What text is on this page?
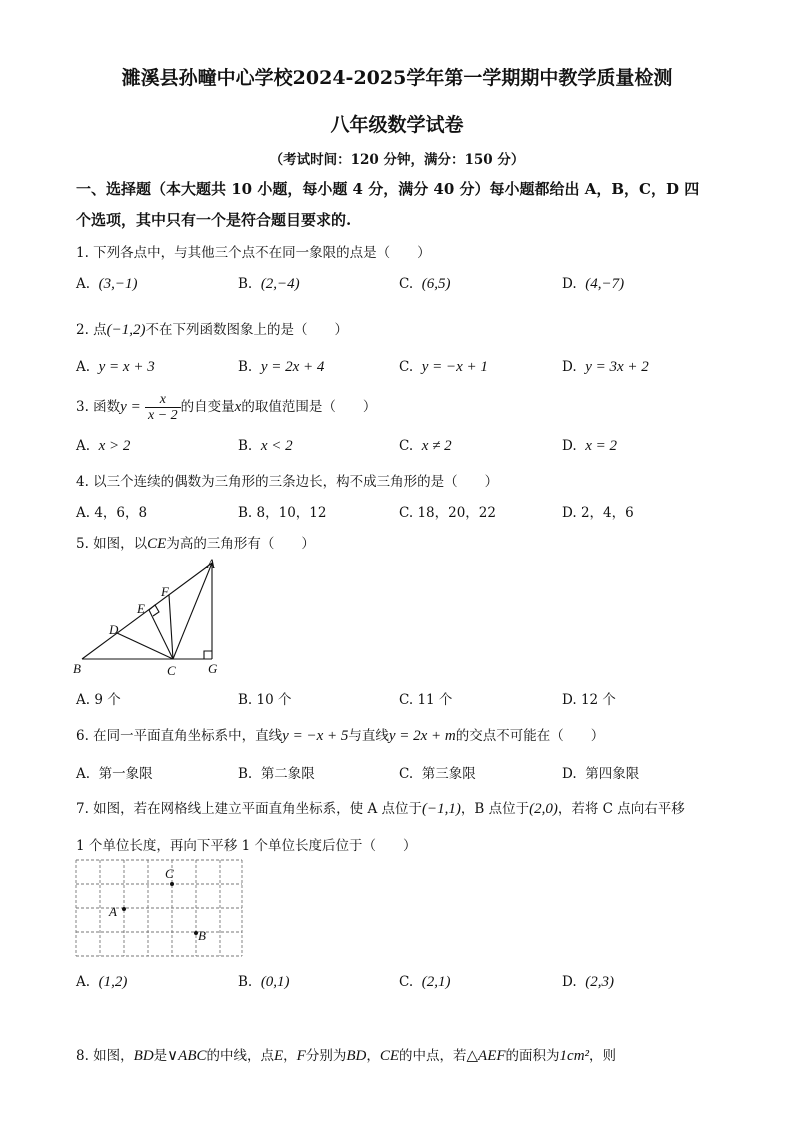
濉溪县孙疃中心学校2024-2025学年第一学期期中教学质量检测
八年级数学试卷
（考试时间：120 分钟，满分：150 分）
一、选择题（本大题共 10 小题，每小题 4 分，满分 40 分）每小题都给出 A，B，C，D 四
个选项，其中只有一个是符合题目要求的.
1. 下列各点中，与其他三个点不在同一象限的点是（　　）
A. (3,−1)	B. (2,−4)	C. (6,5)	D. (4,−7)
2. 点(−1,2)不在下列函数图象上的是（　　）
A. y = x + 3	B. y = 2x + 4	C. y = −x + 1	D. y = 3x + 2
3. 函数$y = \frac{x}{x - 2}$ 的自变量x的取值范围是（　　）
A. x > 2	B. x < 2	C. x ≠ 2	D. x = 2
4. 以三个连续的偶数为三角形的三条边长，构不成三角形的是（　　）
A. 4，6，8	B. 8，10，12	C. 18，20，22	D. 2，4，6
5. 如图，以CE为高的三角形有（　　）
A
B	C
D
E
F
G
A. 9 个	B. 10 个	C. 11 个	D. 12 个
6. 在同一平面直角坐标系中，直线y = −x + 5与直线y = 2x + m的交点不可能在（　　）
A. 第一象限	B. 第二象限	C. 第三象限	D. 第四象限
7. 如图，若在网格线上建立平面直角坐标系，使 A 点位于(−1,1)，B 点位于(2,0)，若将 C 点向右平移
1 个单位长度，再向下平移 1 个单位长度后位于（　　）
A
C
B
A. (1,2)	B. (0,1)	C. (2,1)	D. (2,3)
8. 如图，BD是∨ABC的中线，点E，F分别为BD，CE的中点，若△AEF的面积为1cm²，则
